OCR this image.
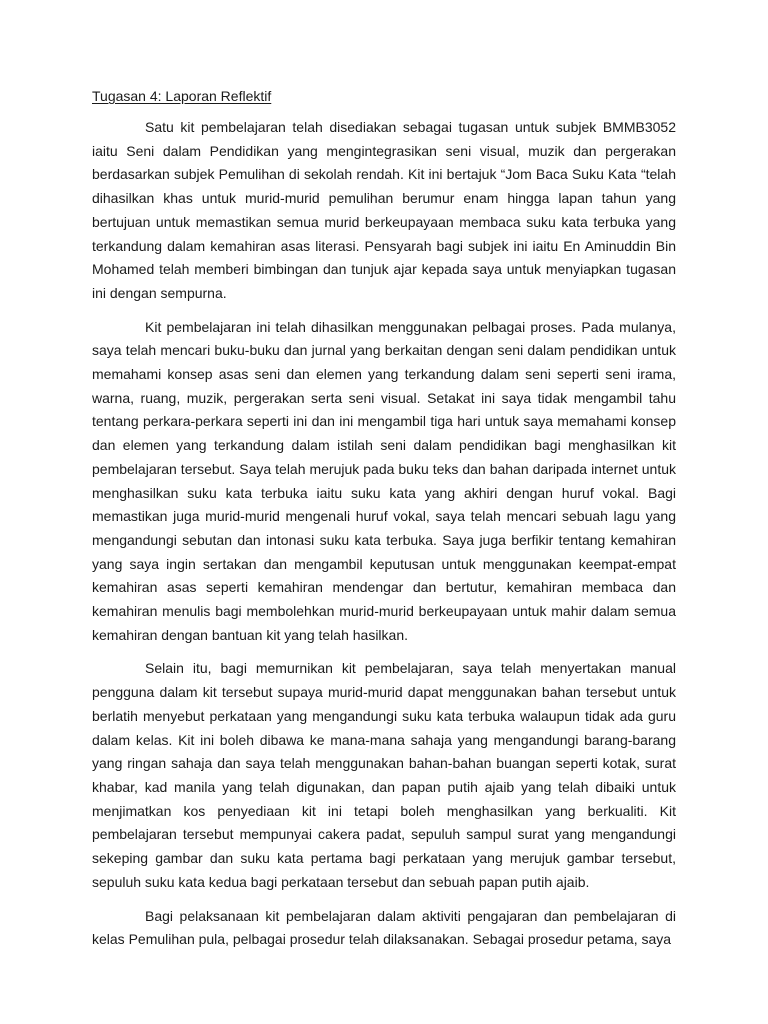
Tugasan 4: Laporan Reflektif

Satu kit pembelajaran telah disediakan sebagai tugasan untuk subjek BMMB3052 iaitu Seni dalam Pendidikan yang mengintegrasikan seni visual, muzik dan pergerakan berdasarkan subjek Pemulihan di sekolah rendah. Kit ini bertajuk “Jom Baca Suku Kata “telah dihasilkan khas untuk murid-murid pemulihan berumur enam hingga lapan tahun yang bertujuan untuk memastikan semua murid berkeupayaan membaca suku kata terbuka yang terkandung dalam kemahiran asas literasi. Pensyarah bagi subjek ini iaitu En Aminuddin Bin Mohamed telah memberi bimbingan dan tunjuk ajar kepada saya untuk menyiapkan tugasan ini dengan sempurna.

Kit pembelajaran ini telah dihasilkan menggunakan pelbagai proses. Pada mulanya, saya telah mencari buku-buku dan jurnal yang berkaitan dengan seni dalam pendidikan untuk memahami konsep asas seni dan elemen yang terkandung dalam seni seperti seni irama, warna, ruang, muzik, pergerakan serta seni visual. Setakat ini saya tidak mengambil tahu tentang perkara-perkara seperti ini dan ini mengambil tiga hari untuk saya memahami konsep dan elemen yang terkandung dalam istilah seni dalam pendidikan bagi menghasilkan kit pembelajaran tersebut. Saya telah merujuk pada buku teks dan bahan daripada internet untuk menghasilkan suku kata terbuka iaitu suku kata yang akhiri dengan huruf vokal. Bagi memastikan juga murid-murid mengenali huruf vokal, saya telah mencari sebuah lagu yang mengandungi sebutan dan intonasi suku kata terbuka. Saya juga berfikir tentang kemahiran yang saya ingin sertakan dan mengambil keputusan untuk menggunakan keempat-empat kemahiran asas seperti kemahiran mendengar dan bertutur, kemahiran membaca dan kemahiran menulis bagi membolehkan murid-murid berkeupayaan untuk mahir dalam semua kemahiran dengan bantuan kit yang telah hasilkan.

Selain itu, bagi memurnikan kit pembelajaran, saya telah menyertakan manual pengguna dalam kit tersebut supaya murid-murid dapat menggunakan bahan tersebut untuk berlatih menyebut perkataan yang mengandungi suku kata terbuka walaupun tidak ada guru dalam kelas. Kit ini boleh dibawa ke mana-mana sahaja yang mengandungi barang-barang yang ringan sahaja dan saya telah menggunakan bahan-bahan buangan seperti kotak, surat khabar, kad manila yang telah digunakan, dan papan putih ajaib yang telah dibaiki untuk menjimatkan kos penyediaan kit ini tetapi boleh menghasilkan yang berkualiti. Kit pembelajaran tersebut mempunyai cakera padat, sepuluh sampul surat yang mengandungi sekeping gambar dan suku kata pertama bagi perkataan yang merujuk gambar tersebut, sepuluh suku kata kedua bagi perkataan tersebut dan sebuah papan putih ajaib.

Bagi pelaksanaan kit pembelajaran dalam aktiviti pengajaran dan pembelajaran di kelas Pemulihan pula, pelbagai prosedur telah dilaksanakan. Sebagai prosedur petama, saya
